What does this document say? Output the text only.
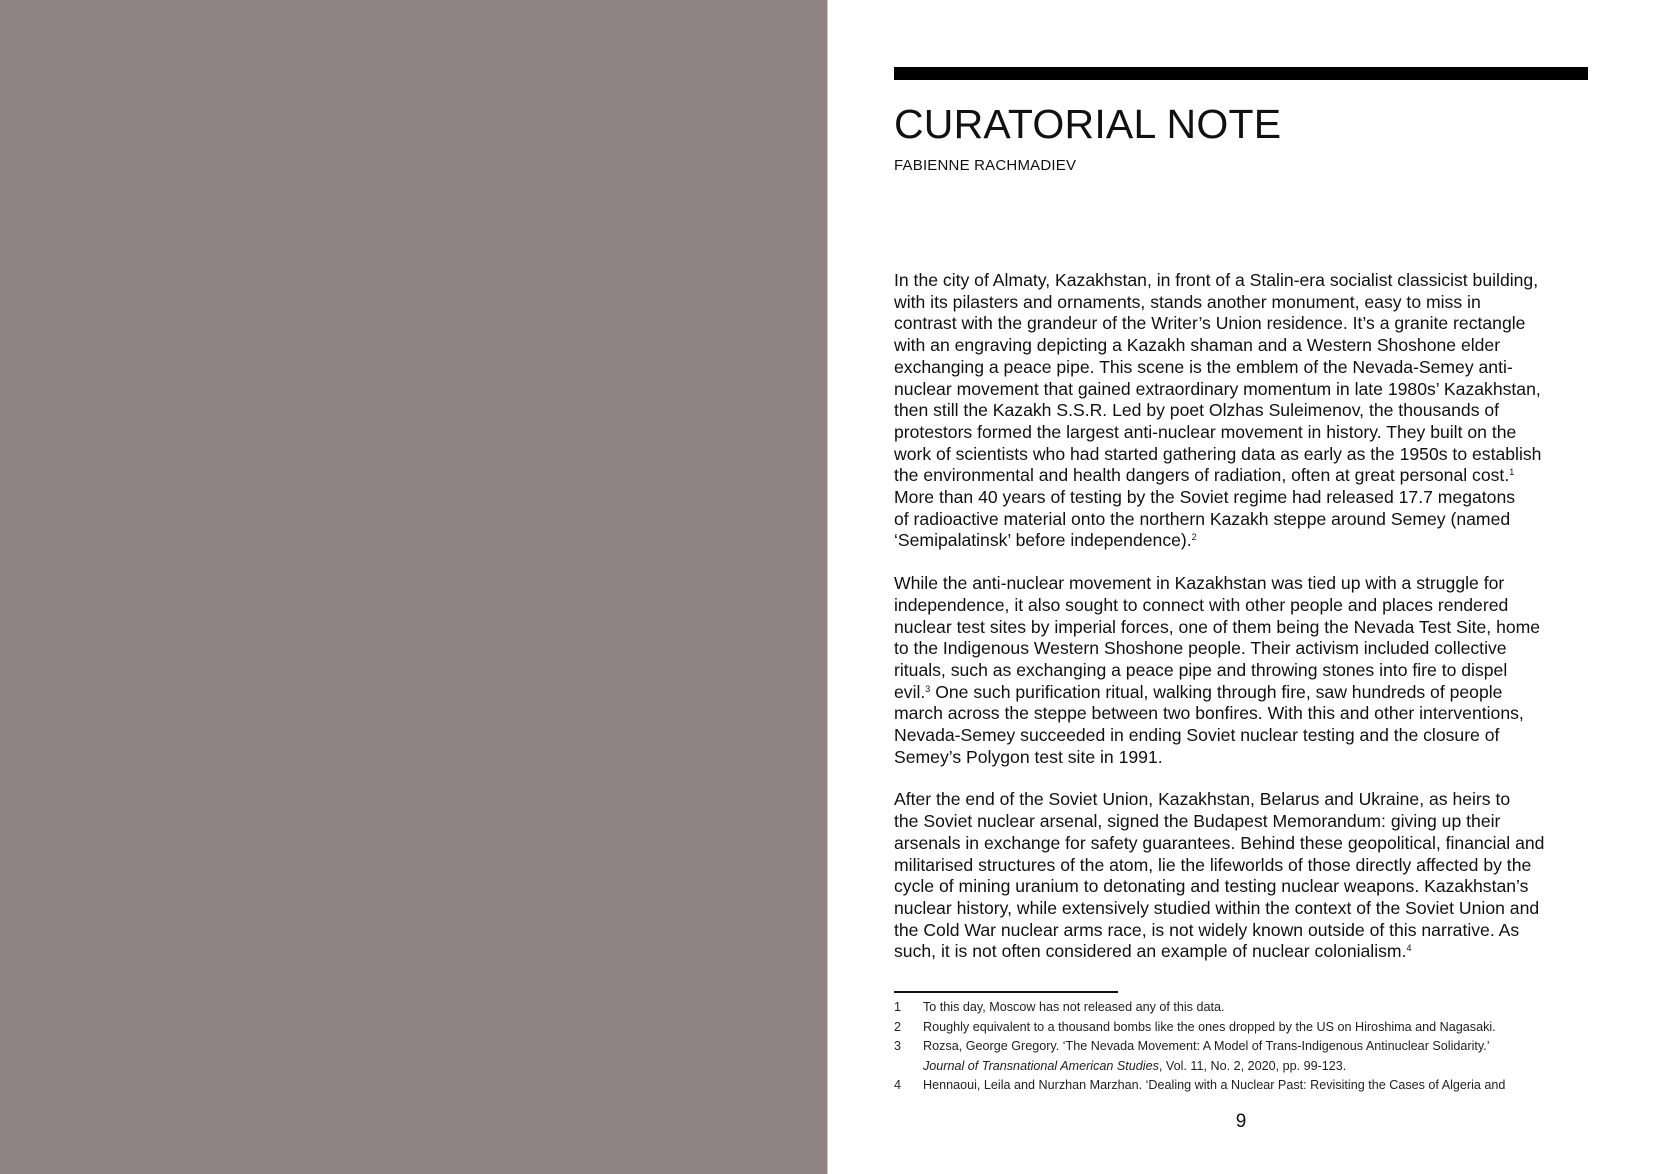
CURATORIAL NOTE
FABIENNE RACHMADIEV

In the city of Almaty, Kazakhstan, in front of a Stalin-era socialist classicist building,
with its pilasters and ornaments, stands another monument, easy to miss in
contrast with the grandeur of the Writer’s Union residence. It’s a granite rectangle
with an engraving depicting a Kazakh shaman and a Western Shoshone elder
exchanging a peace pipe. This scene is the emblem of the Nevada-Semey anti-
nuclear movement that gained extraordinary momentum in late 1980s’ Kazakhstan,
then still the Kazakh S.S.R. Led by poet Olzhas Suleimenov, the thousands of
protestors formed the largest anti-nuclear movement in history. They built on the
work of scientists who had started gathering data as early as the 1950s to establish
the environmental and health dangers of radiation, often at great personal cost.$^1$
More than 40 years of testing by the Soviet regime had released 17.7 megatons
of radioactive material onto the northern Kazakh steppe around Semey (named
‘Semipalatinsk’ before independence).$^2$

While the anti-nuclear movement in Kazakhstan was tied up with a struggle for
independence, it also sought to connect with other people and places rendered
nuclear test sites by imperial forces, one of them being the Nevada Test Site, home
to the Indigenous Western Shoshone people. Their activism included collective
rituals, such as exchanging a peace pipe and throwing stones into fire to dispel
evil.$^3$ One such purification ritual, walking through fire, saw hundreds of people
march across the steppe between two bonfires. With this and other interventions,
Nevada-Semey succeeded in ending Soviet nuclear testing and the closure of
Semey’s Polygon test site in 1991.

After the end of the Soviet Union, Kazakhstan, Belarus and Ukraine, as heirs to
the Soviet nuclear arsenal, signed the Budapest Memorandum: giving up their
arsenals in exchange for safety guarantees. Behind these geopolitical, financial and
militarised structures of the atom, lie the lifeworlds of those directly affected by the
cycle of mining uranium to detonating and testing nuclear weapons. Kazakhstan’s
nuclear history, while extensively studied within the context of the Soviet Union and
the Cold War nuclear arms race, is not widely known outside of this narrative. As
such, it is not often considered an example of nuclear colonialism.$^4$

1 To this day, Moscow has not released any of this data.
2 Roughly equivalent to a thousand bombs like the ones dropped by the US on Hiroshima and Nagasaki.
3 Rozsa, George Gregory. ‘The Nevada Movement: A Model of Trans-Indigenous Antinuclear Solidarity.’
Journal of Transnational American Studies, Vol. 11, No. 2, 2020, pp. 99-123.
4 Hennaoui, Leila and Nurzhan Marzhan. ‘Dealing with a Nuclear Past: Revisiting the Cases of Algeria and
9
